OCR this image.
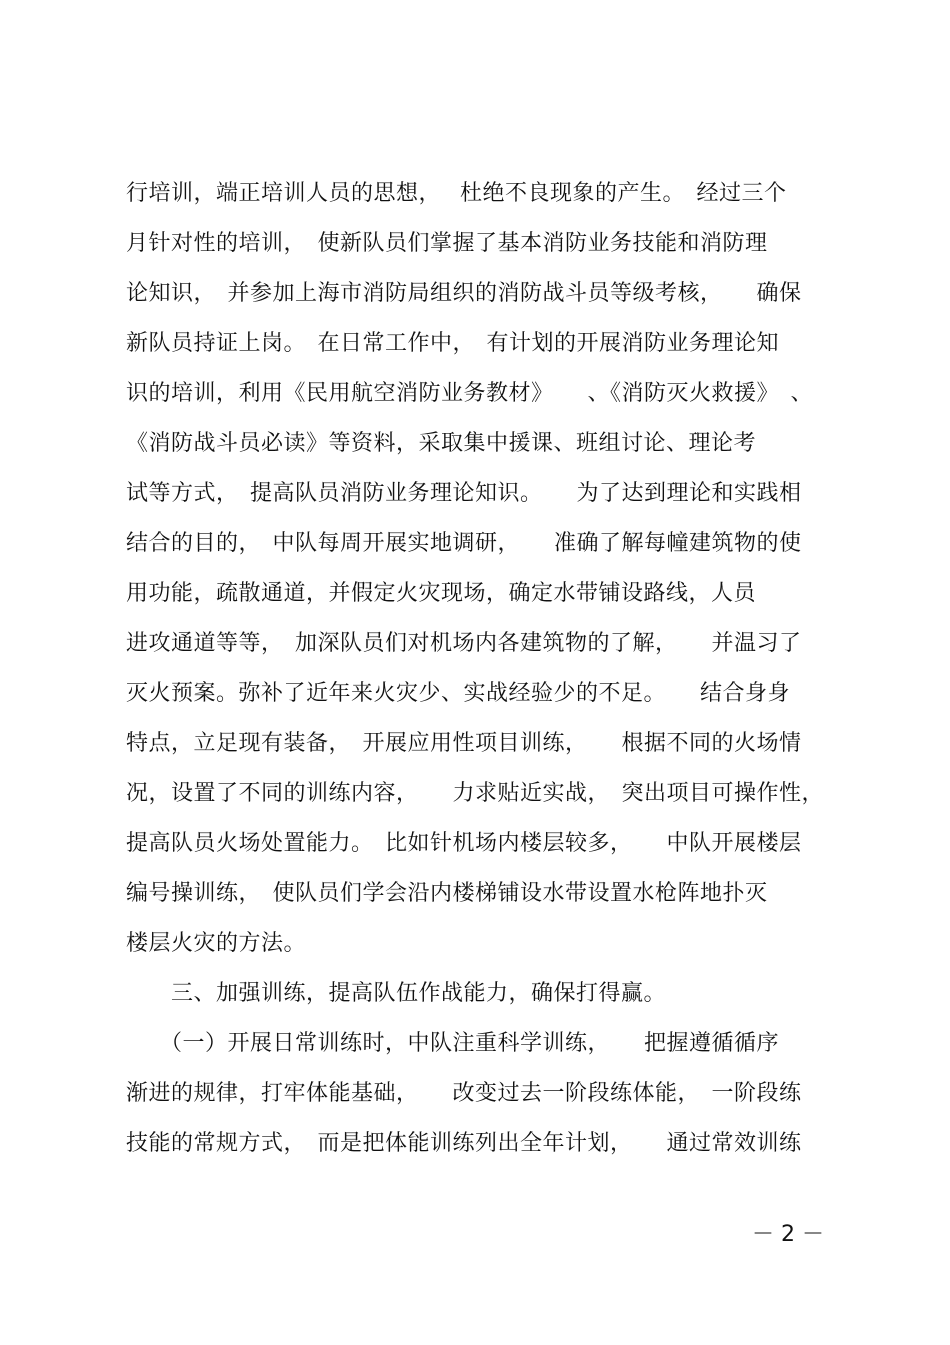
行培训，端正培训人员的思想，　 杜绝不良现象的产生。　经过三个
月针对性的培训，　使新队员们掌握了基本消防业务技能和消防理
论知识，　并参加上海市消防局组织的消防战斗员等级考核，　　确保
新队员持证上岗。　在日常工作中，　有计划的开展消防业务理论知
识的培训，利用《民用航空消防业务教材》　　、《消防灭火救援》　、
《消防战斗员必读》等资料，采取集中援课、班组讨论、理论考
试等方式，　提高队员消防业务理论知识。　　为了达到理论和实践相
结合的目的，　中队每周开展实地调研，　　准确了解每幢建筑物的使
用功能，疏散通道，并假定火灾现场，确定水带铺设路线，人员
进攻通道等等，　加深队员们对机场内各建筑物的了解，　　并温习了
灭火预案。弥补了近年来火灾少、实战经验少的不足。　　结合身身
特点，立足现有装备，　开展应用性项目训练，　　根据不同的火场情
况，设置了不同的训练内容，　　力求贴近实战，　突出项目可操作性，
提高队员火场处置能力。　比如针机场内楼层较多，　　中队开展楼层
编号操训练，　使队员们学会沿内楼梯铺设水带设置水枪阵地扑灭
楼层火灾的方法。
　　三、加强训练，提高队伍作战能力，确保打得赢。
　　（一）开展日常训练时，中队注重科学训练，　　把握遵循循序
渐进的规律，打牢体能基础，　　改变过去一阶段练体能，　一阶段练
技能的常规方式，　而是把体能训练列出全年计划，　　通过常效训练
－ 2 －
